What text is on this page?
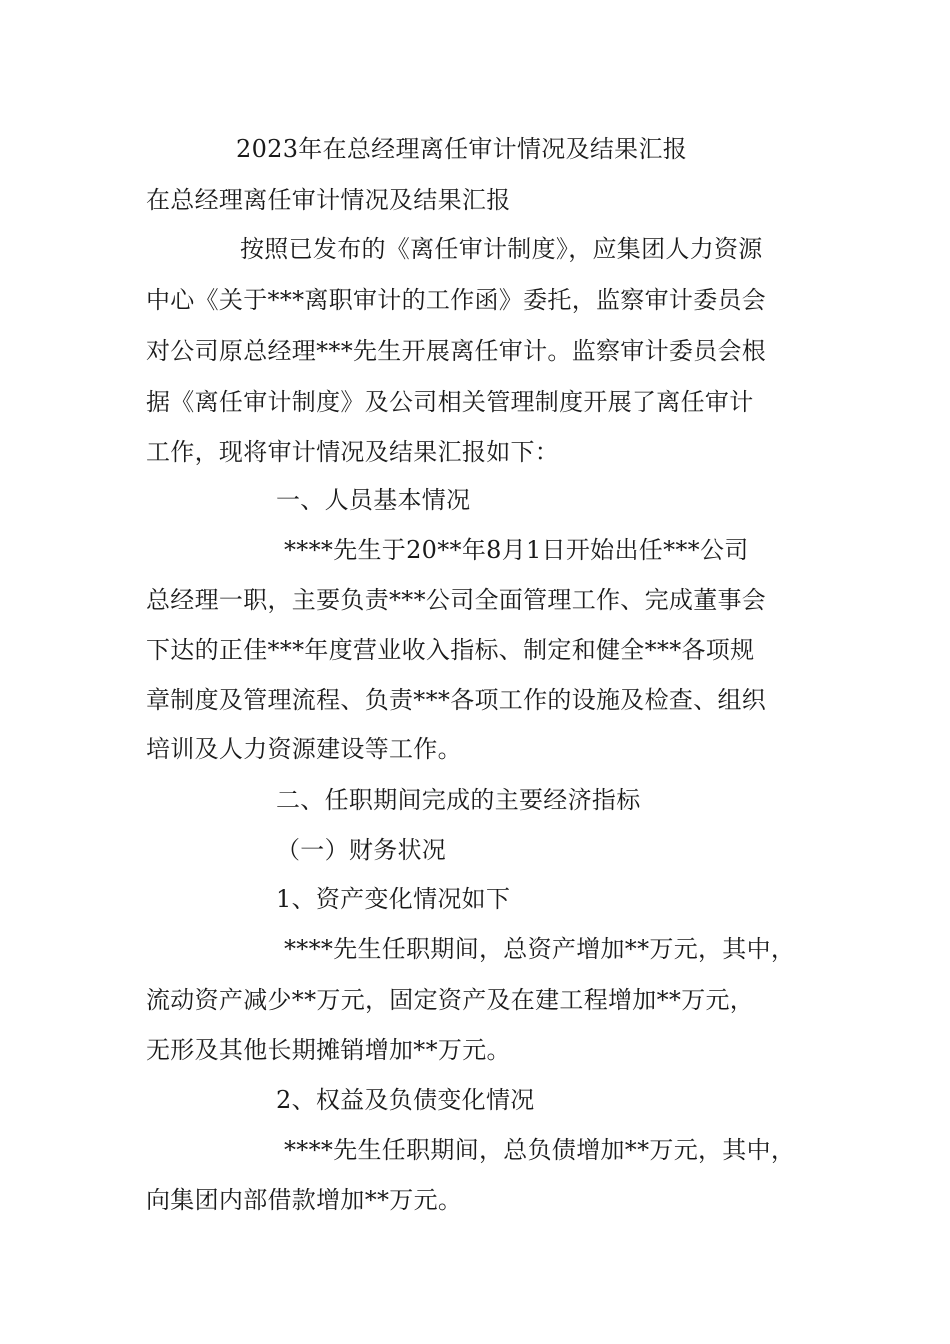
2023年在总经理离任审计情况及结果汇报
在总经理离任审计情况及结果汇报
按照已发布的《离任审计制度》，应集团人力资源
中心《关于***离职审计的工作函》委托，监察审计委员会
对公司原总经理***先生开展离任审计。监察审计委员会根
据《离任审计制度》及公司相关管理制度开展了离任审计
工作，现将审计情况及结果汇报如下：
一、人员基本情况
****先生于20**年8月1日开始出任***公司
总经理一职，主要负责***公司全面管理工作、完成董事会
下达的正佳***年度营业收入指标、制定和健全***各项规
章制度及管理流程、负责***各项工作的设施及检查、组织
培训及人力资源建设等工作。
二、任职期间完成的主要经济指标
（一）财务状况
1、资产变化情况如下
****先生任职期间，总资产增加**万元，其中，
流动资产减少**万元，固定资产及在建工程增加**万元，
无形及其他长期摊销增加**万元。
2、权益及负债变化情况
****先生任职期间，总负债增加**万元，其中，
向集团内部借款增加**万元。
